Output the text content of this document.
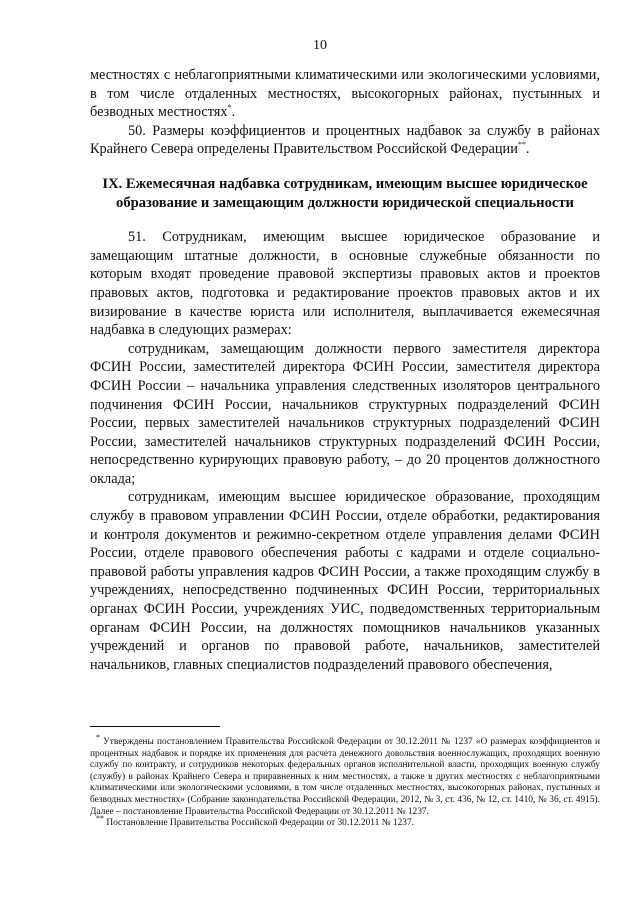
10

местностях с неблагоприятными климатическими или экологическими условиями, в том числе отдаленных местностях, высокогорных районах, пустынных и безводных местностях*.

50. Размеры коэффициентов и процентных надбавок за службу в районах Крайнего Севера определены Правительством Российской Федерации**.

IX. Ежемесячная надбавка сотрудникам, имеющим высшее юридическое образование и замещающим должности юридической специальности

51. Сотрудникам, имеющим высшее юридическое образование и замещающим штатные должности, в основные служебные обязанности по которым входят проведение правовой экспертизы правовых актов и проектов правовых актов, подготовка и редактирование проектов правовых актов и их визирование в качестве юриста или исполнителя, выплачивается ежемесячная надбавка в следующих размерах:

сотрудникам, замещающим должности первого заместителя директора ФСИН России, заместителей директора ФСИН России, заместителя директора ФСИН России – начальника управления следственных изоляторов центрального подчинения ФСИН России, начальников структурных подразделений ФСИН России, первых заместителей начальников структурных подразделений ФСИН России, заместителей начальников структурных подразделений ФСИН России, непосредственно курирующих правовую работу, – до 20 процентов должностного оклада;

сотрудникам, имеющим высшее юридическое образование, проходящим службу в правовом управлении ФСИН России, отделе обработки, редактирования и контроля документов и режимно-секретном отделе управления делами ФСИН России, отделе правового обеспечения работы с кадрами и отделе социально-правовой работы управления кадров ФСИН России, а также проходящим службу в учреждениях, непосредственно подчиненных ФСИН России, территориальных органах ФСИН России, учреждениях УИС, подведомственных территориальным органам ФСИН России, на должностях помощников начальников указанных учреждений и органов по правовой работе, начальников, заместителей начальников, главных специалистов подразделений правового обеспечения,

* Утверждены постановлением Правительства Российской Федерации от 30.12.2011 № 1237 «О размерах коэффициентов и процентных надбавок и порядке их применения для расчета денежного довольствия военнослужащих, проходящих военную службу по контракту, и сотрудников некоторых федеральных органов исполнительной власти, проходящих военную службу (службу) в районах Крайнего Севера и приравненных к ним местностях, а также в других местностях с неблагоприятными климатическими или экологическими условиями, в том числе отдаленных местностях, высокогорных районах, пустынных и безводных местностях» (Собрание законодательства Российской Федерации, 2012, № 3, ст. 436, № 12, ст. 1410, № 36, ст. 4915). Далее – постановление Правительства Российской Федерации от 30.12.2011 № 1237.

** Постановление Правительства Российской Федерации от 30.12.2011 № 1237.
